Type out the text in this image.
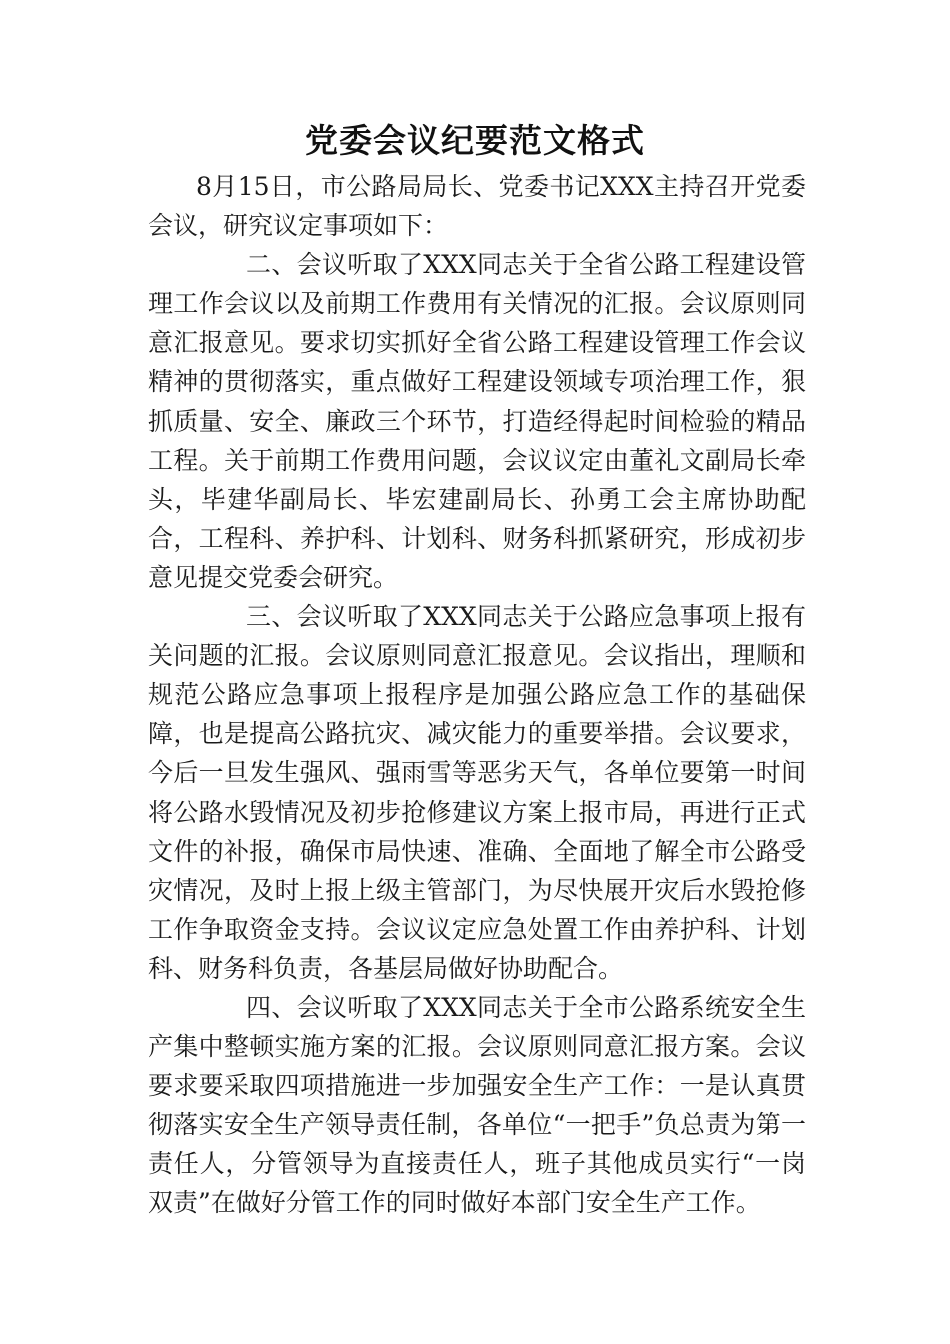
党委会议纪要范文格式

8月15日，市公路局局长、党委书记XXX主持召开党委会议，研究议定事项如下：

二、会议听取了XXX同志关于全省公路工程建设管理工作会议以及前期工作费用有关情况的汇报。会议原则同意汇报意见。要求切实抓好全省公路工程建设管理工作会议精神的贯彻落实，重点做好工程建设领域专项治理工作，狠抓质量、安全、廉政三个环节，打造经得起时间检验的精品工程。关于前期工作费用问题，会议议定由董礼文副局长牵头，毕建华副局长、毕宏建副局长、孙勇工会主席协助配合，工程科、养护科、计划科、财务科抓紧研究，形成初步意见提交党委会研究。

三、会议听取了XXX同志关于公路应急事项上报有关问题的汇报。会议原则同意汇报意见。会议指出，理顺和规范公路应急事项上报程序是加强公路应急工作的基础保障，也是提高公路抗灾、减灾能力的重要举措。会议要求，今后一旦发生强风、强雨雪等恶劣天气，各单位要第一时间将公路水毁情况及初步抢修建议方案上报市局，再进行正式文件的补报，确保市局快速、准确、全面地了解全市公路受灾情况，及时上报上级主管部门，为尽快展开灾后水毁抢修工作争取资金支持。会议议定应急处置工作由养护科、计划科、财务科负责，各基层局做好协助配合。

四、会议听取了XXX同志关于全市公路系统安全生产集中整顿实施方案的汇报。会议原则同意汇报方案。会议要求要采取四项措施进一步加强安全生产工作：一是认真贯彻落实安全生产领导责任制，各单位“一把手”负总责为第一责任人，分管领导为直接责任人，班子其他成员实行“一岗双责”在做好分管工作的同时做好本部门安全生产工作。
